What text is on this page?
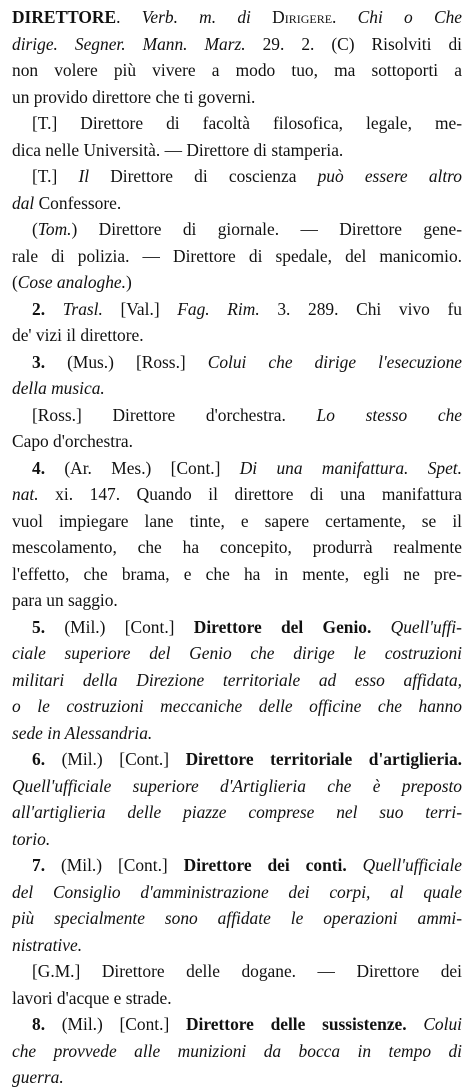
DIRETTORE. Verb. m. di Dirigere. Chi o Che
dirige. Segner. Mann. Marz. 29. 2. (C) Risolviti di
non volere più vivere a modo tuo, ma sottoporti a
un provido direttore che ti governi.
[T.] Direttore di facoltà filosofica, legale, me-
dica nelle Università. — Direttore di stamperia.
[T.] Il Direttore di coscienza può essere altro
dal Confessore.
(Tom.) Direttore di giornale. — Direttore gene-
rale di polizia. — Direttore di spedale, del manicomio.
(Cose analoghe.)
2. Trasl. [Val.] Fag. Rim. 3. 289. Chi vivo fu
de' vizi il direttore.
3. (Mus.) [Ross.] Colui che dirige l'esecuzione
della musica.
[Ross.] Direttore d'orchestra. Lo stesso che
Capo d'orchestra.
4. (Ar. Mes.) [Cont.] Di una manifattura. Spet.
nat. xi. 147. Quando il direttore di una manifattura
vuol impiegare lane tinte, e sapere certamente, se il
mescolamento, che ha concepito, produrrà realmente
l'effetto, che brama, e che ha in mente, egli ne pre-
para un saggio.
5. (Mil.) [Cont.] Direttore del Genio. Quell'uffi-
ciale superiore del Genio che dirige le costruzioni
militari della Direzione territoriale ad esso affidata,
o le costruzioni meccaniche delle officine che hanno
sede in Alessandria.
6. (Mil.) [Cont.] Direttore territoriale d'artiglieria.
Quell'ufficiale superiore d'Artiglieria che è preposto
all'artiglieria delle piazze comprese nel suo terri-
torio.
7. (Mil.) [Cont.] Direttore dei conti. Quell'ufficiale
del Consiglio d'amministrazione dei corpi, al quale
più specialmente sono affidate le operazioni ammi-
nistrative.
[G.M.] Direttore delle dogane. — Direttore dei
lavori d'acque e strade.
8. (Mil.) [Cont.] Direttore delle sussistenze. Colui
che provvede alle munizioni da bocca in tempo di
guerra.
